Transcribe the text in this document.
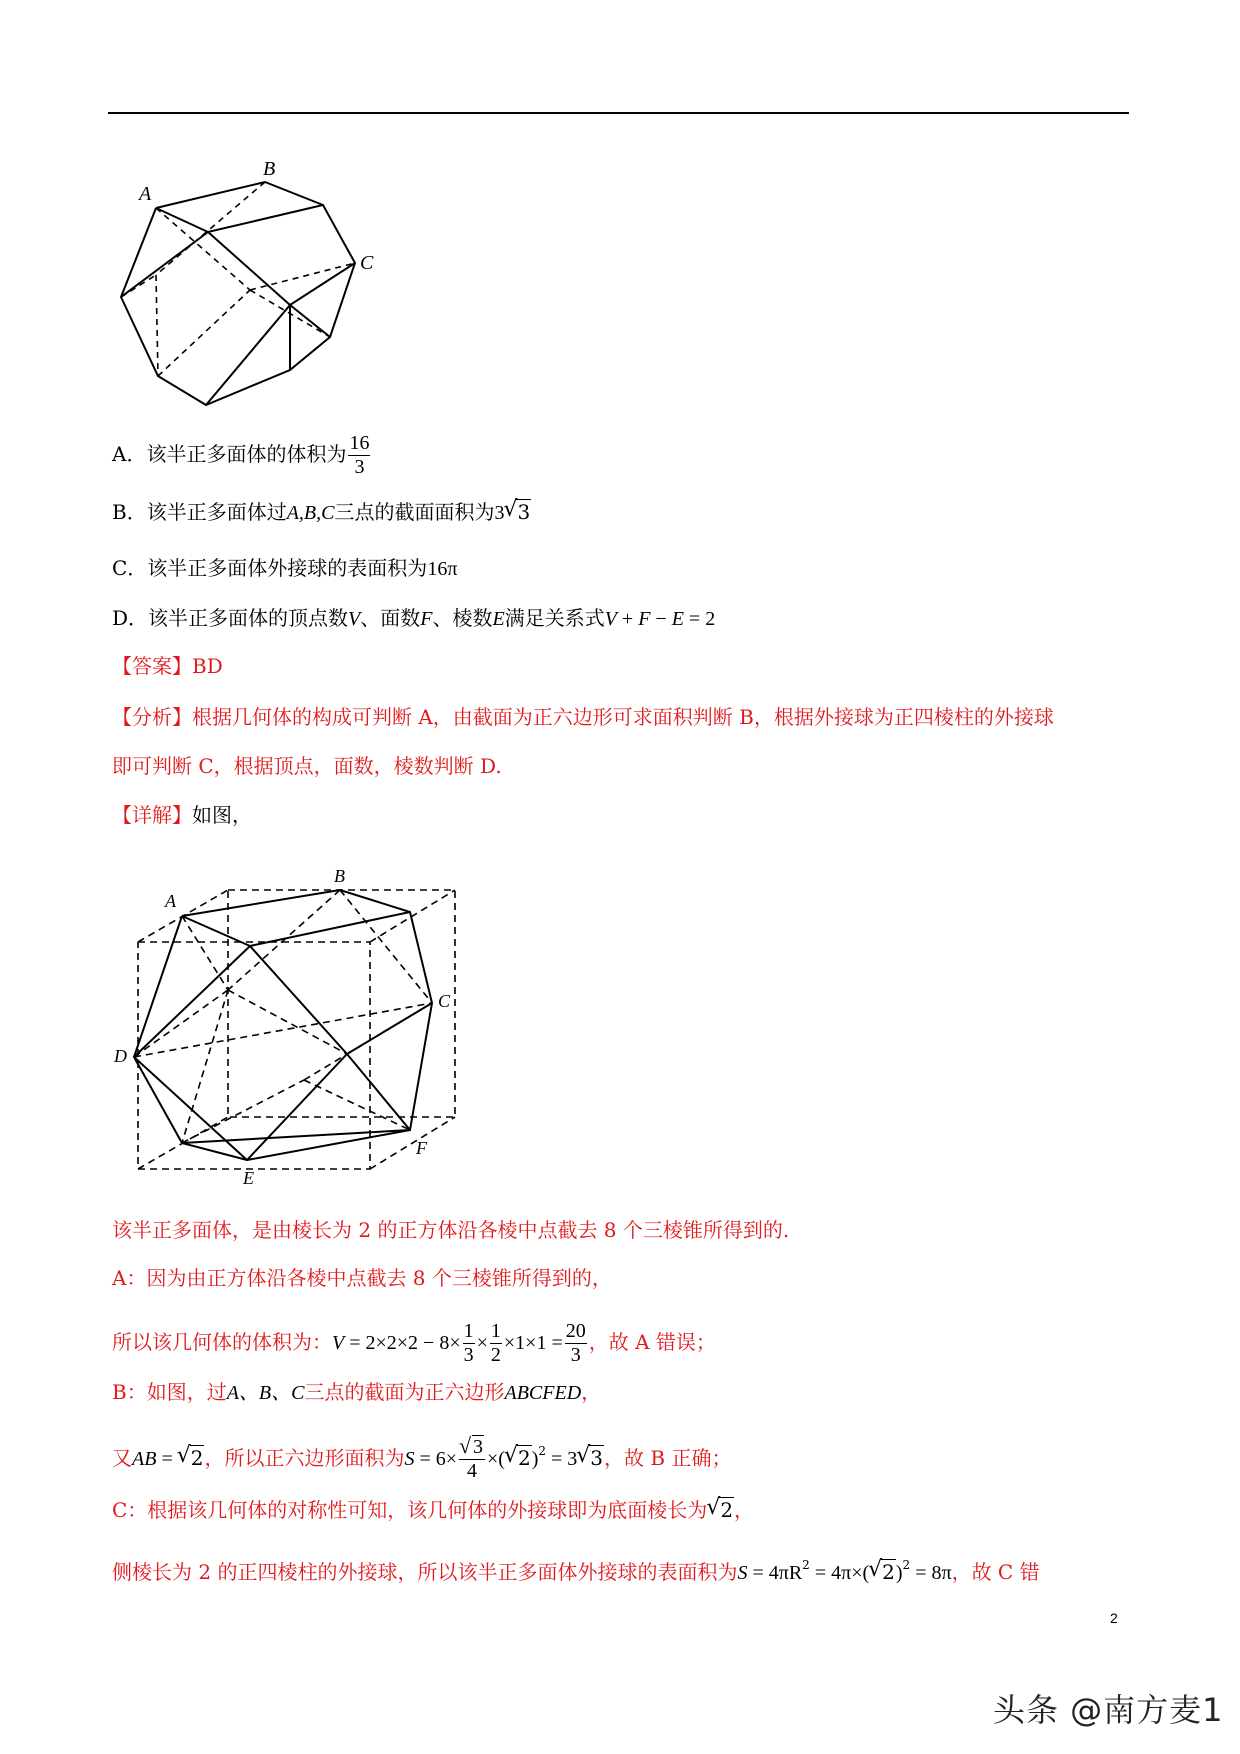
A
B
C
A．该半正多面体的体积为 $\frac{16}{3}$
B．该半正多面体过A,B,C三点的截面面积为3√ 3
C．该半正多面体外接球的表面积为16π
D．该半正多面体的顶点数V、面数F、棱数E满足关系式V + F − E = 2
【答案】BD
【分析】根据几何体的构成可判断 A，由截面为正六边形可求面积判断 B，根据外接球为正四棱柱的外接球
即可判断 C，根据顶点，面数，棱数判断 D.
【详解】如图，
A
B
C
D
E
F
该半正多面体，是由棱长为 2 的正方体沿各棱中点截去 8 个三棱锥所得到的.
A：因为由正方体沿各棱中点截去 8 个三棱锥所得到的，
所以该几何体的体积为：$V = 2\times 2\times 2 - 8\times \frac{1}{3} \times \frac{1}{2} \times 1\times 1 = \frac{20}{3}$ ，故 A 错误；
B：如图，过A、B、C三点的截面为正六边形ABCFED，
又AB = √ 2，所以正六边形面积为S = 6×
√ $\frac{3}{4}$ ×(√ 2)$^2$ = 3√ 3，故 B 正确；
C：根据该几何体的对称性可知，该几何体的外接球即为底面棱长为√ 2，
侧棱长为 2 的正四棱柱的外接球，所以该半正多面体外接球的表面积为$S = 4\pi R^2 = 4\pi\times(√$ 2)$^2$ = 8π，故 C 错
2
头条 @南方麦1
